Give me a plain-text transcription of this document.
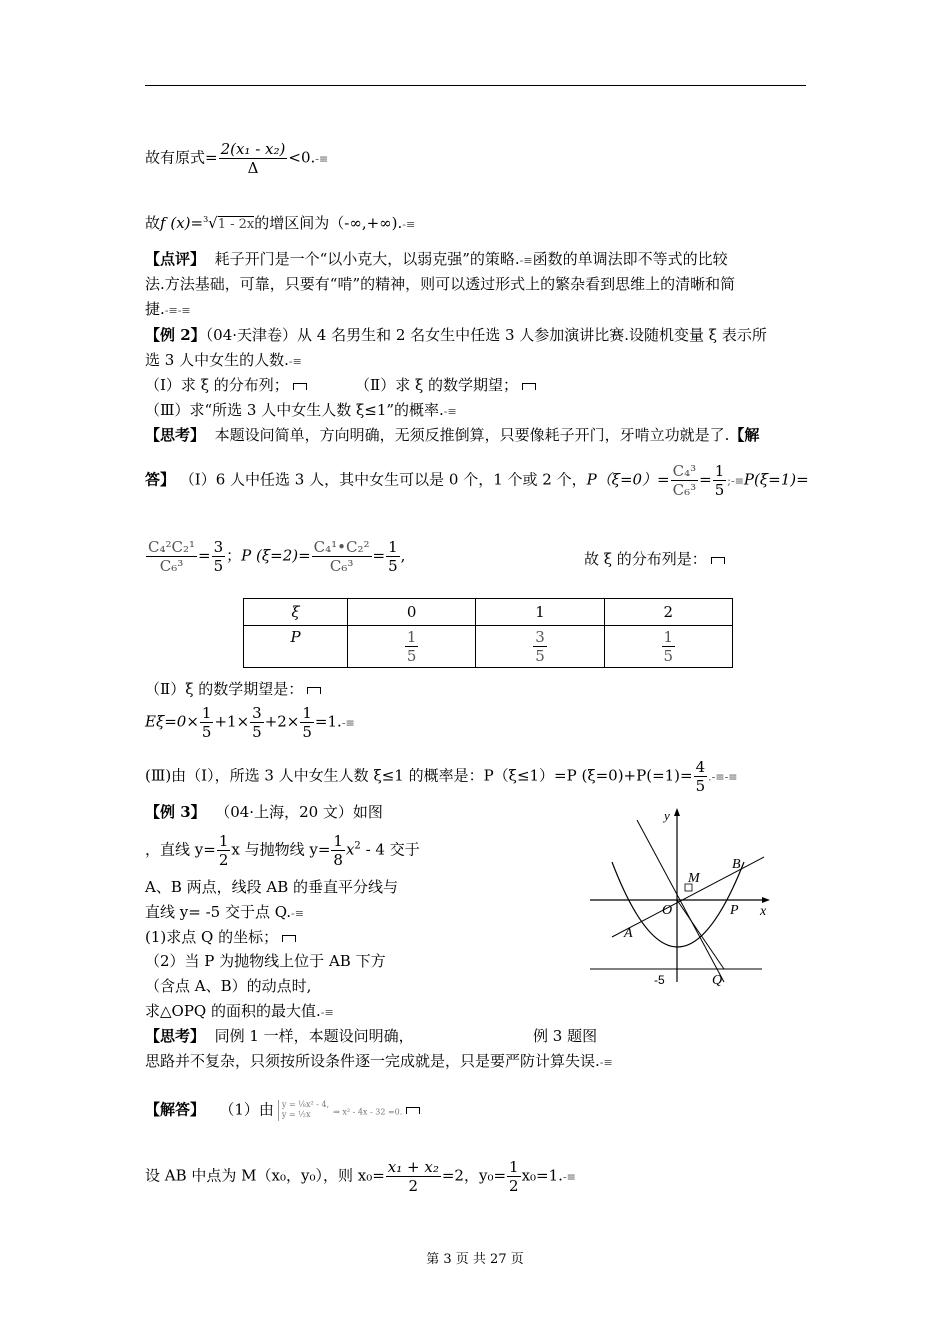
故有原式= $\frac{\text{2(x₁ - x₂)}}{\Delta} <0.-\equiv$
故f (x)=$^3$√1 - 2x的增区间为（-∞,+∞).-≡
【点评】 耗子开门是一个“以小克大，以弱克强”的策略.-≡函数的单调法即不等式的比较
法.方法基础，可靠，只要有“啃”的精神，则可以透过形式上的繁杂看到思维上的清晰和简
捷.-≡-≡
【例 2】（04·天津卷）从 4 名男生和 2 名女生中任选 3 人参加演讲比赛.设随机变量 ξ 表示所
选 3 人中女生的人数.-≡
（Ⅰ）求 ξ 的分布列；	（Ⅱ）求 ξ 的数学期望；
（Ⅲ）求“所选 3 人中女生人数 ξ≤1”的概率.-≡
【思考】 本题设问简单，方向明确，无须反推倒算，只要像耗子开门，牙啃立功就是了.【解
答】 （Ⅰ）6 人中任选 3 人，其中女生可以是 0 个，1 个或 2 个，$P(\xi=0)= \frac{\text{C₄³}}{\text{C₆³}} = \frac{1}{5}$ ;-≡P(ξ=1)=
$\frac{\text{C₄²C₂¹}}{\text{C₆³}} = \frac{3}{5}$ ；P $(\xi=2)= \frac{\text{C₄¹•C₂²}}{\text{C₆³}} = \frac{1}{5}$ ,	故 ξ 的分布列是：
ξ	0	1	2
P	$\frac{1}{5}$	$\frac{3}{5}$	$\frac{1}{5}$
（Ⅱ）ξ 的数学期望是：
$E\xi=0\times \frac{1}{5} +1\times \frac{3}{5} +2\times \frac{1}{5} =1.-\equiv$
(Ⅲ)由（Ⅰ），所选 3 人中女生人数 ξ≤1 的概率是：P（ξ≤1）=P $(\xi=0)+P(=1)= \frac{4}{5}$ .-≡-≡
【例 3】 （04·上海，20 文）如图
，直线 $y= \frac{1}{2}$ x 与抛物线 $y= \frac{1}{8} x^2 - 4$ 交于
A、B 两点，线段 AB 的垂直平分线与
直线 y= -5 交于点 Q.-≡
(1)求点 Q 的坐标；
（2）当 P 为抛物线上位于 AB 下方
（含点 A、B）的动点时,
求△OPQ 的面积的最大值.-≡
y
x
O
M
B
A
P
Q
-5
【思考】 同例 1 一样，本题设问明确，	例 3 题图
思路并不复杂，只须按所设条件逐一完成就是，只是要严防计算失误.-≡
【解答】 （1）由 y = ⅛x² - 4,
y = ½x	⇒ x² - 4x - 32 =0.
设 AB 中点为 M（x₀，y₀），则 $x_0= \frac{\text{x₁ + x₂}}{2} =2$，$y_0= \frac{1}{2} x_0=1.-\equiv$
第 3 页 共 27 页
